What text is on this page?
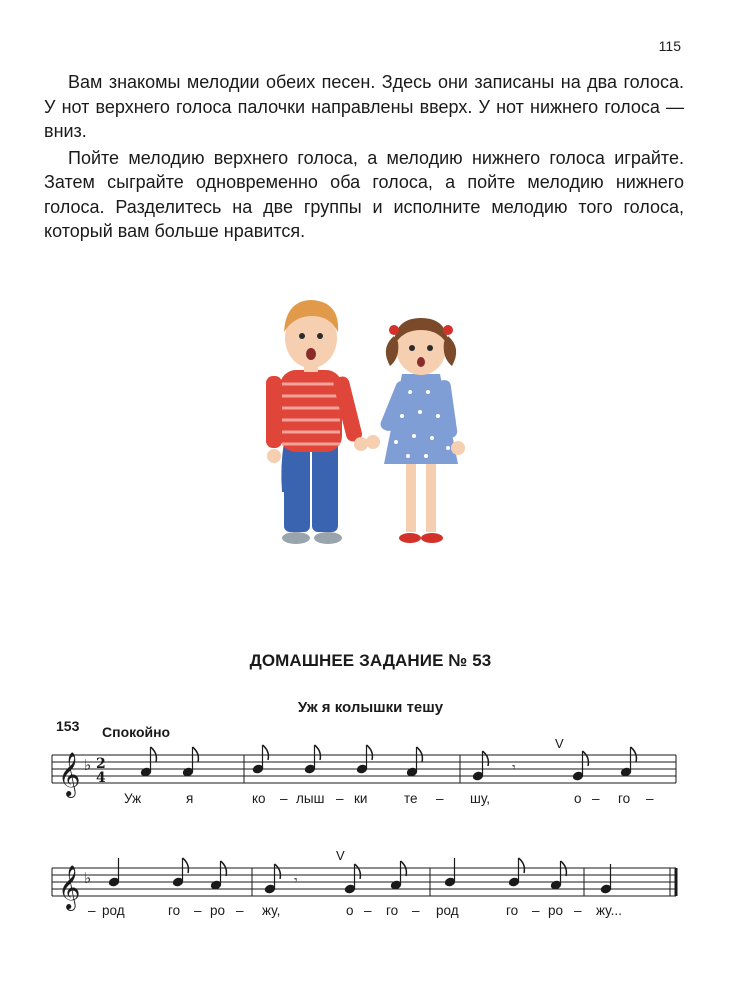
115

Вам знакомы мелодии обеих песен. Здесь они записаны на два голоса. У нот верхнего голоса палочки направлены вверх. У нот нижнего голоса — вниз.

Пойте мелодию верхнего голоса, а мелодию нижнего голоса играйте. Затем сыграйте одновременно оба голоса, а пойте мелодию нижнего голоса. Разделитесь на две группы и исполните мелодию того голоса, который вам больше нравится.

ДОМАШНЕЕ ЗАДАНИЕ № 53
Уж я колышки тешу
153 Спокойно
𝄞 ♭ 2
4
𝄾
V
𝄞 ♭	𝄾
V
Уж	я	ко – лыш – ки	те – шу,	о – го –
– род	го – ро – жу,	о – го – род	го – ро – жу...
